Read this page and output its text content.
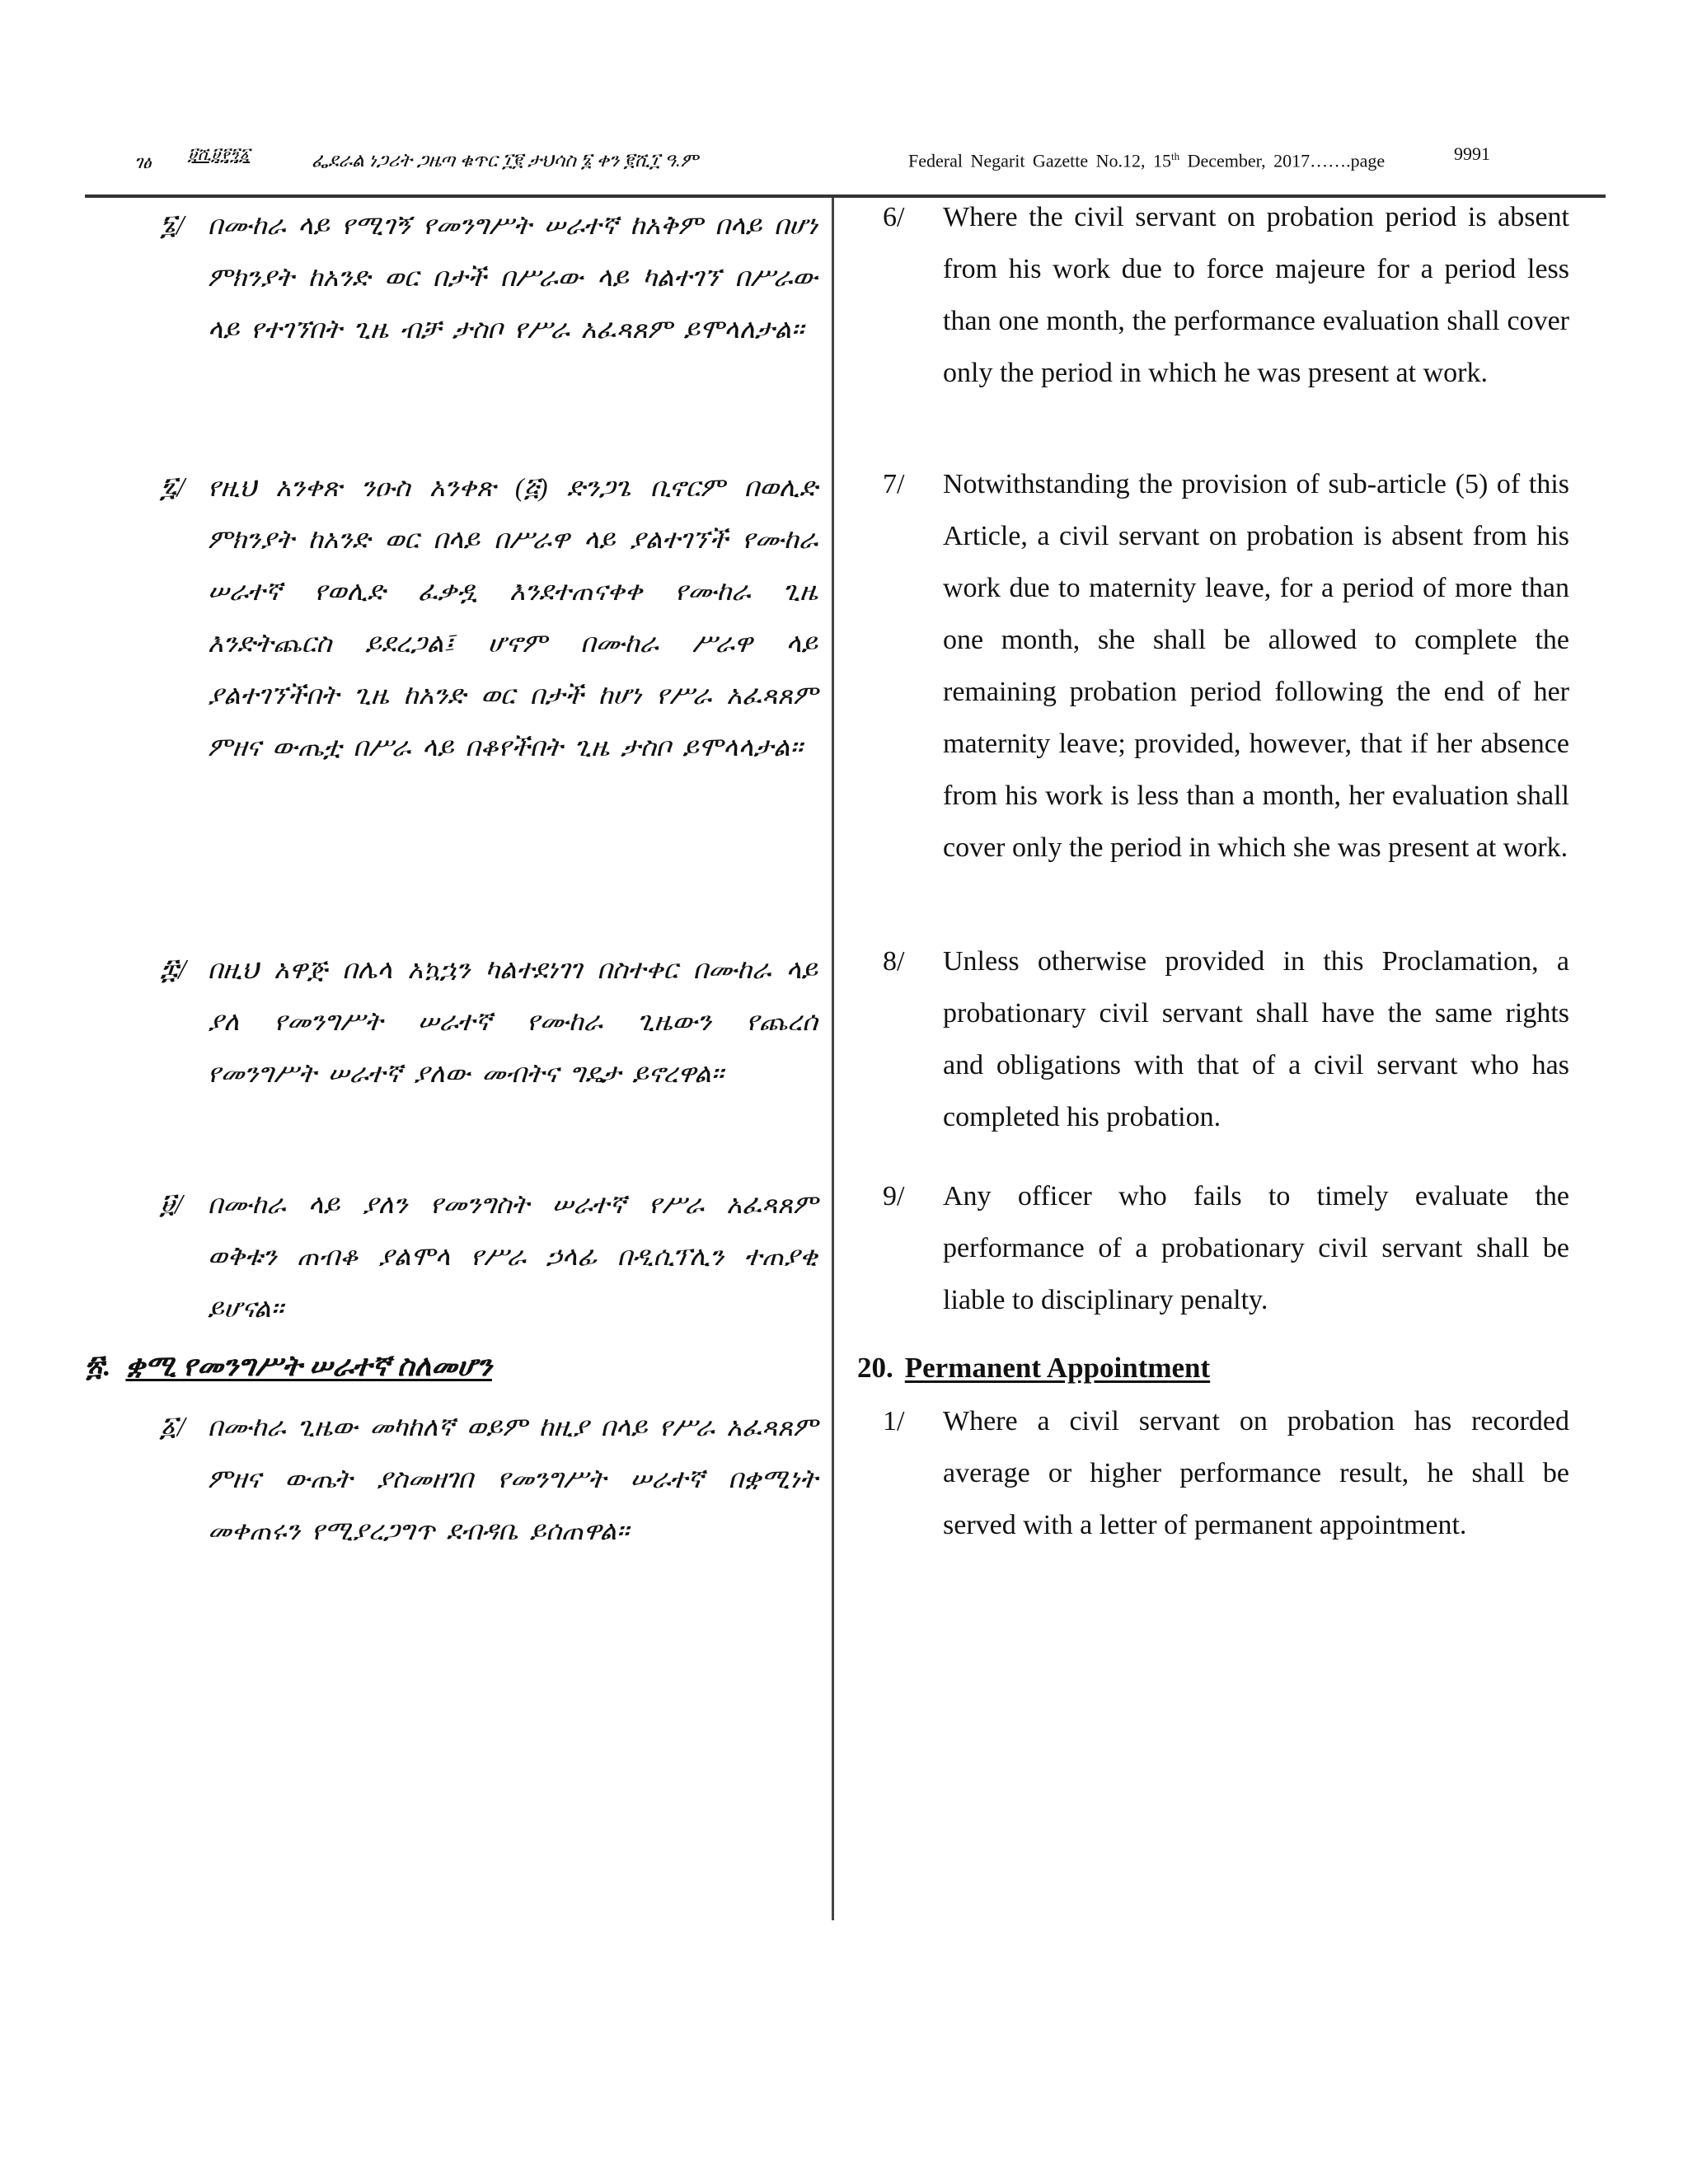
ገፅ ፱ሺ፱፻፺፩	ፌደራል ነጋሪት ጋዜጣ ቁጥር ፲፪ ታህሳስ ፮ ቀን ፪ሺ፲ ዓ.ም	Federal Negarit Gazette No.12, 15th December, 2017…….page	9991
፮/ በሙከራ ላይ የሚገኝ የመንግሥት ሠራተኛ ከአቅም በላይ በሆነ ምክንያት ከአንድ ወር በታች በሥራው ላይ ካልተገኘ በሥራው ላይ የተገኘበት ጊዜ ብቻ ታስቦ የሥራ አፈጻጸም ይሞላለታል፡፡
፯/ የዚህ አንቀጽ ንዑስ አንቀጽ (፭) ድንጋጌ ቢኖርም በወሊድ ምክንያት ከአንድ ወር በላይ በሥራዋ ላይ ያልተገኘች የሙከራ ሠራተኛ የወሊድ ፈቃዷ እንደተጠናቀቀ የሙከራ ጊዜ እንድትጨርስ ይደረጋል፤ ሆኖም በሙከራ ሥራዋ ላይ ያልተገኘችበት ጊዜ ከአንድ ወር በታች ከሆነ የሥራ አፈጻጸም ምዘና ውጤቷ በሥራ ላይ በቆየችበት ጊዜ ታስቦ ይሞላላታል፡፡
፰/ በዚህ አዋጅ በሌላ አኳኋን ካልተደነገገ በስተቀር በሙከራ ላይ ያለ የመንግሥት ሠራተኛ የሙከራ ጊዜውን የጨረሰ የመንግሥት ሠራተኛ ያለው መብትና ግዴታ ይኖረዋል፡፡
፱/ በሙከራ ላይ ያለን የመንግስት ሠራተኛ የሥራ አፈጻጸም ወቅቱን ጠብቆ ያልሞላ የሥራ ኃላፊ በዲሲፕሊን ተጠያቂ ይሆናል፡፡
፳. ቋሚ የመንግሥት ሠራተኛ ስለመሆን
፩/ በሙከራ ጊዜው መካከለኛ ወይም ከዚያ በላይ የሥራ አፈጻጸም ምዘና ውጤት ያስመዘገበ የመንግሥት ሠራተኛ በቋሚነት መቀጠሩን የሚያረጋግጥ ደብዳቤ ይሰጠዋል፡፡
6/ Where the civil servant on probation period is absent from his work due to force majeure for a period less than one month, the performance evaluation shall cover only the period in which he was present at work.
7/ Notwithstanding the provision of sub-article (5) of this Article, a civil servant on probation is absent from his work due to maternity leave, for a period of more than one month, she shall be allowed to complete the remaining probation period following the end of her maternity leave; provided, however, that if her absence from his work is less than a month, her evaluation shall cover only the period in which she was present at work.
8/ Unless otherwise provided in this Proclamation, a probationary civil servant shall have the same rights and obligations with that of a civil servant who has completed his probation.
9/ Any officer who fails to timely evaluate the performance of a probationary civil servant shall be liable to disciplinary penalty.
20. Permanent Appointment
1/ Where a civil servant on probation has recorded average or higher performance result, he shall be served with a letter of permanent appointment.
